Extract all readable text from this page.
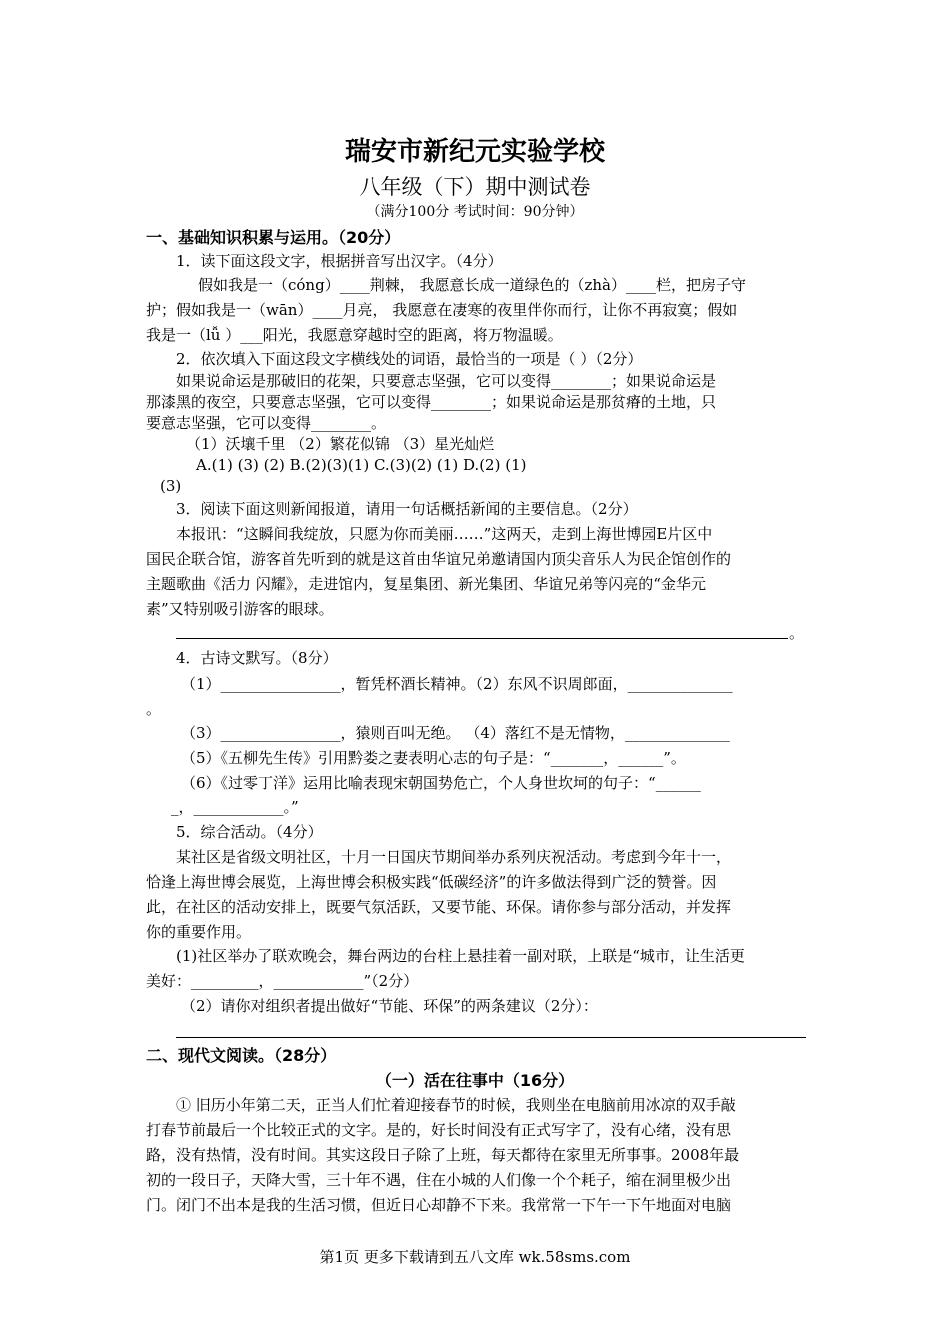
瑞安市新纪元实验学校
八年级（下）期中测试卷
（满分100分 考试时间：90分钟）
一、基础知识积累与运用。（20分）
1．读下面这段文字，根据拼音写出汉字。（4分）
假如我是一（cóng）____荆棘， 我愿意长成一道绿色的（zhà）____栏，把房子守
护；假如我是一（wān）____月亮， 我愿意在凄寒的夜里伴你而行，让你不再寂寞；假如
我是一（lǚ ）___阳光，我愿意穿越时空的距离，将万物温暖。
2．依次填入下面这段文字横线处的词语，最恰当的一项是（ ）（2分）
如果说命运是那破旧的花架，只要意志坚强，它可以变得________；如果说命运是
那漆黑的夜空，只要意志坚强，它可以变得________；如果说命运是那贫瘠的土地，只
要意志坚强，它可以变得________。
（1）沃壤千里 （2）繁花似锦 （3）星光灿烂
A.(1) (3) (2) B.(2)(3)(1) C.(3)(2) (1) D.(2) (1)
(3)
3．阅读下面这则新闻报道，请用一句话概括新闻的主要信息。（2分）
本报讯：“这瞬间我绽放，只愿为你而美丽……”这两天，走到上海世博园E片区中
国民企联合馆，游客首先听到的就是这首由华谊兄弟邀请国内顶尖音乐人为民企馆创作的
主题歌曲《活力 闪耀》，走进馆内，复星集团、新光集团、华谊兄弟等闪亮的“金华元
素”又特别吸引游客的眼球。
。
4．古诗文默写。（8分）
（1）________________，暂凭杯酒长精神。（2）东风不识周郎面，______________
。
（3）________________，猿则百叫无绝。 （4）落红不是无情物，______________
（5）《五柳先生传》引用黔娄之妻表明心志的句子是：“_______，______”。
（6）《过零丁洋》运用比喻表现宋朝国势危亡，个人身世坎坷的句子：“______
_，____________。”
5．综合活动。（4分）
某社区是省级文明社区，十月一日国庆节期间举办系列庆祝活动。考虑到今年十一，
恰逢上海世博会展览，上海世博会积极实践“低碳经济”的许多做法得到广泛的赞誉。因
此，在社区的活动安排上，既要气氛活跃，又要节能、环保。请你参与部分活动，并发挥
你的重要作用。
(1)社区举办了联欢晚会，舞台两边的台柱上悬挂着一副对联，上联是“城市，让生活更
美好：_________，____________”（2分）
（2）请你对组织者提出做好“节能、环保”的两条建议（2分）：
二、现代文阅读。（28分）
（一）活在往事中（16分）
① 旧历小年第二天，正当人们忙着迎接春节的时候，我则坐在电脑前用冰凉的双手敲
打春节前最后一个比较正式的文字。是的，好长时间没有正式写字了，没有心绪，没有思
路，没有热情，没有时间。其实这段日子除了上班，每天都待在家里无所事事。2008年最
初的一段日子，天降大雪，三十年不遇，住在小城的人们像一个个耗子，缩在洞里极少出
门。闭门不出本是我的生活习惯，但近日心却静不下来。我常常一下午一下午地面对电脑
第1页 更多下载请到五八文库 wk.58sms.com
